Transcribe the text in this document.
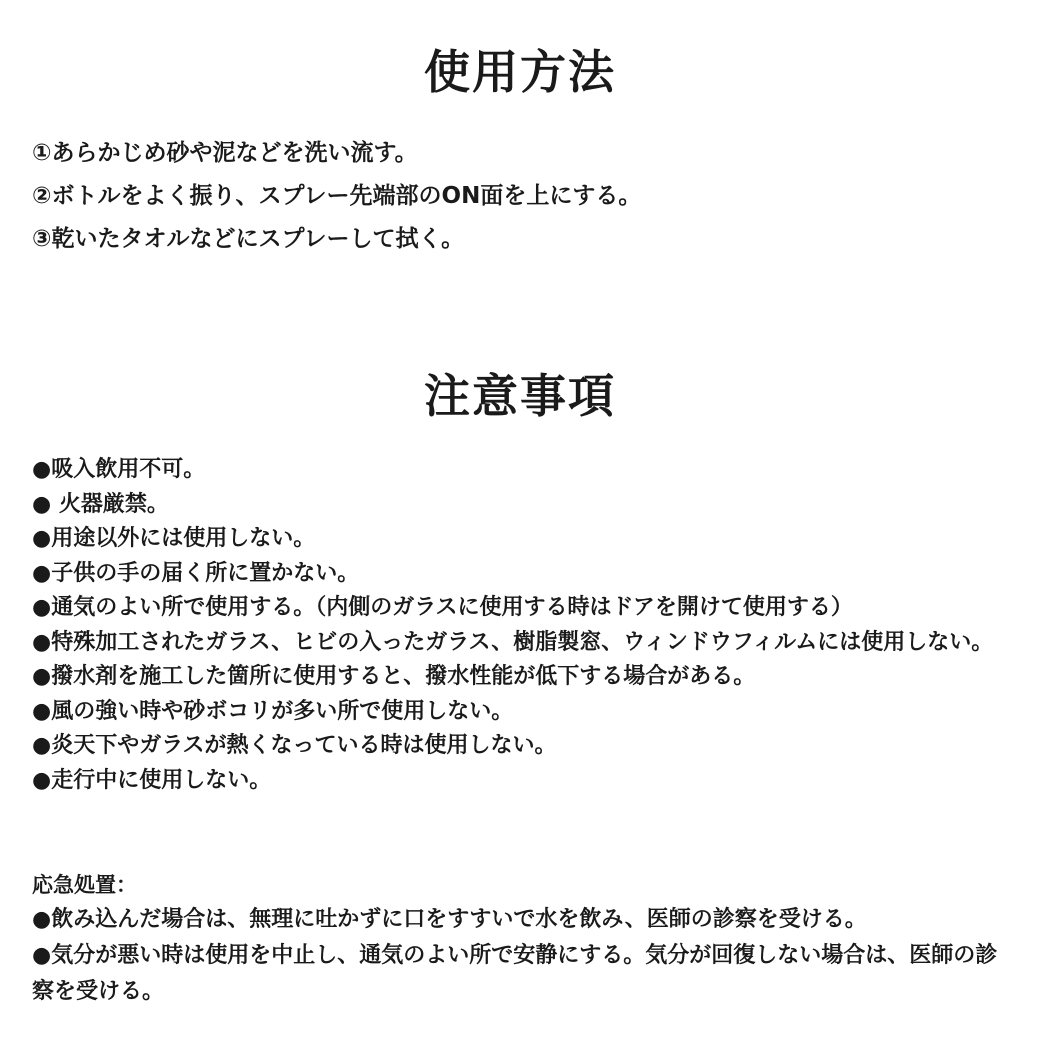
使用方法
①あらかじめ砂や泥などを洗い流す。
②ボトルをよく振り、スプレー先端部のON面を上にする。
③乾いたタオルなどにスプレーして拭く。
注意事項
●吸入飲用不可。
● 火器厳禁。
●用途以外には使用しない。
●子供の手の届く所に置かない。
●通気のよい所で使用する。（内側のガラスに使用する時はドアを開けて使用する）
●特殊加工されたガラス、ヒビの入ったガラス、樹脂製窓、ウィンドウフィルムには使用しない。
●撥水剤を施工した箇所に使用すると、撥水性能が低下する場合がある。
●風の強い時や砂ボコリが多い所で使用しない。
●炎天下やガラスが熱くなっている時は使用しない。
●走行中に使用しない。

応急処置：

●飲み込んだ場合は、無理に吐かずに口をすすいで水を飲み、医師の診察を受ける。
●気分が悪い時は使用を中止し、通気のよい所で安静にする。気分が回復しない場合は、医師の診察を受ける。
